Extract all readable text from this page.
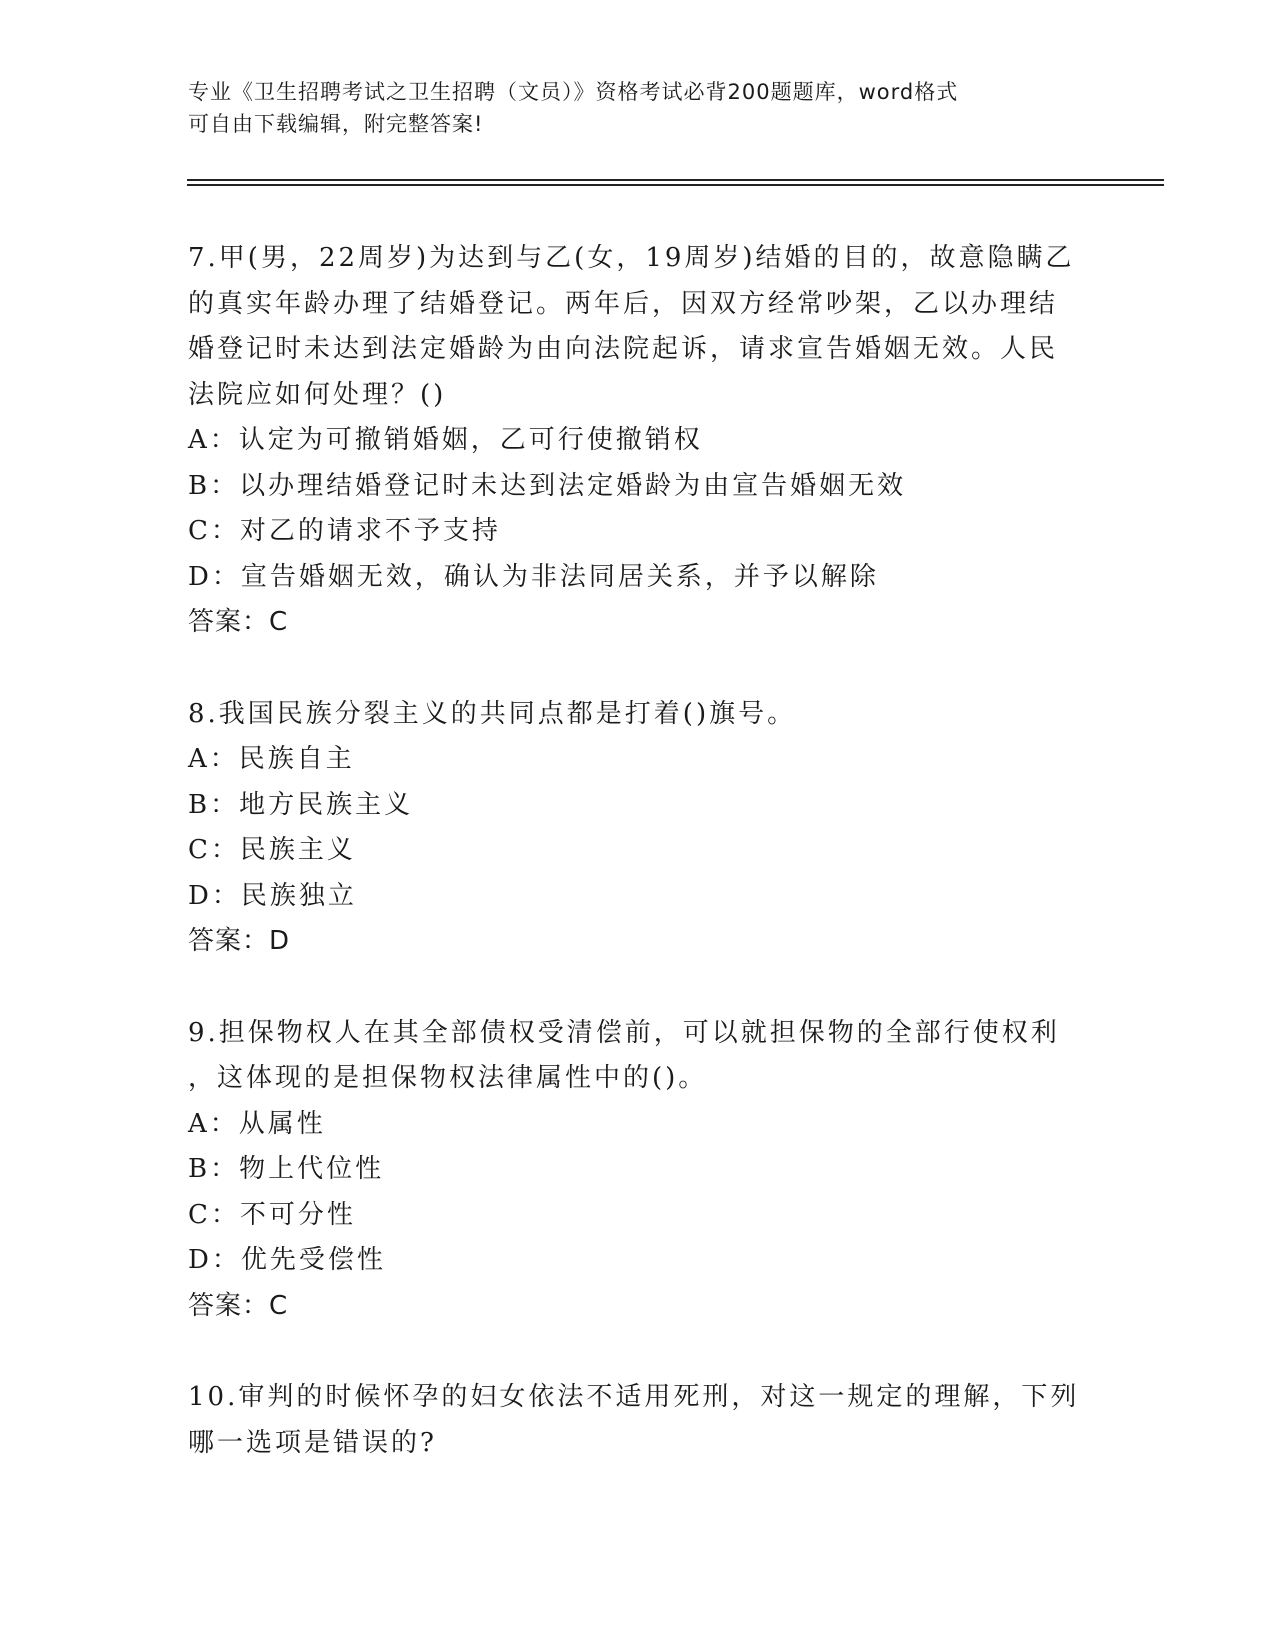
专业《卫生招聘考试之卫生招聘（文员）》资格考试必背200题题库，word格式
可自由下载编辑，附完整答案!
7.甲(男，22周岁)为达到与乙(女，19周岁)结婚的目的，故意隐瞒乙
的真实年龄办理了结婚登记。两年后，因双方经常吵架，乙以办理结
婚登记时未达到法定婚龄为由向法院起诉，请求宣告婚姻无效。人民
法院应如何处理？()
A：认定为可撤销婚姻，乙可行使撤销权
B：以办理结婚登记时未达到法定婚龄为由宣告婚姻无效
C：对乙的请求不予支持
D：宣告婚姻无效，确认为非法同居关系，并予以解除
答案：C
8.我国民族分裂主义的共同点都是打着()旗号。
A：民族自主
B：地方民族主义
C：民族主义
D：民族独立
答案：D
9.担保物权人在其全部债权受清偿前，可以就担保物的全部行使权利
，这体现的是担保物权法律属性中的()。
A：从属性
B：物上代位性
C：不可分性
D：优先受偿性
答案：C
10.审判的时候怀孕的妇女依法不适用死刑，对这一规定的理解，下列
哪一选项是错误的?
